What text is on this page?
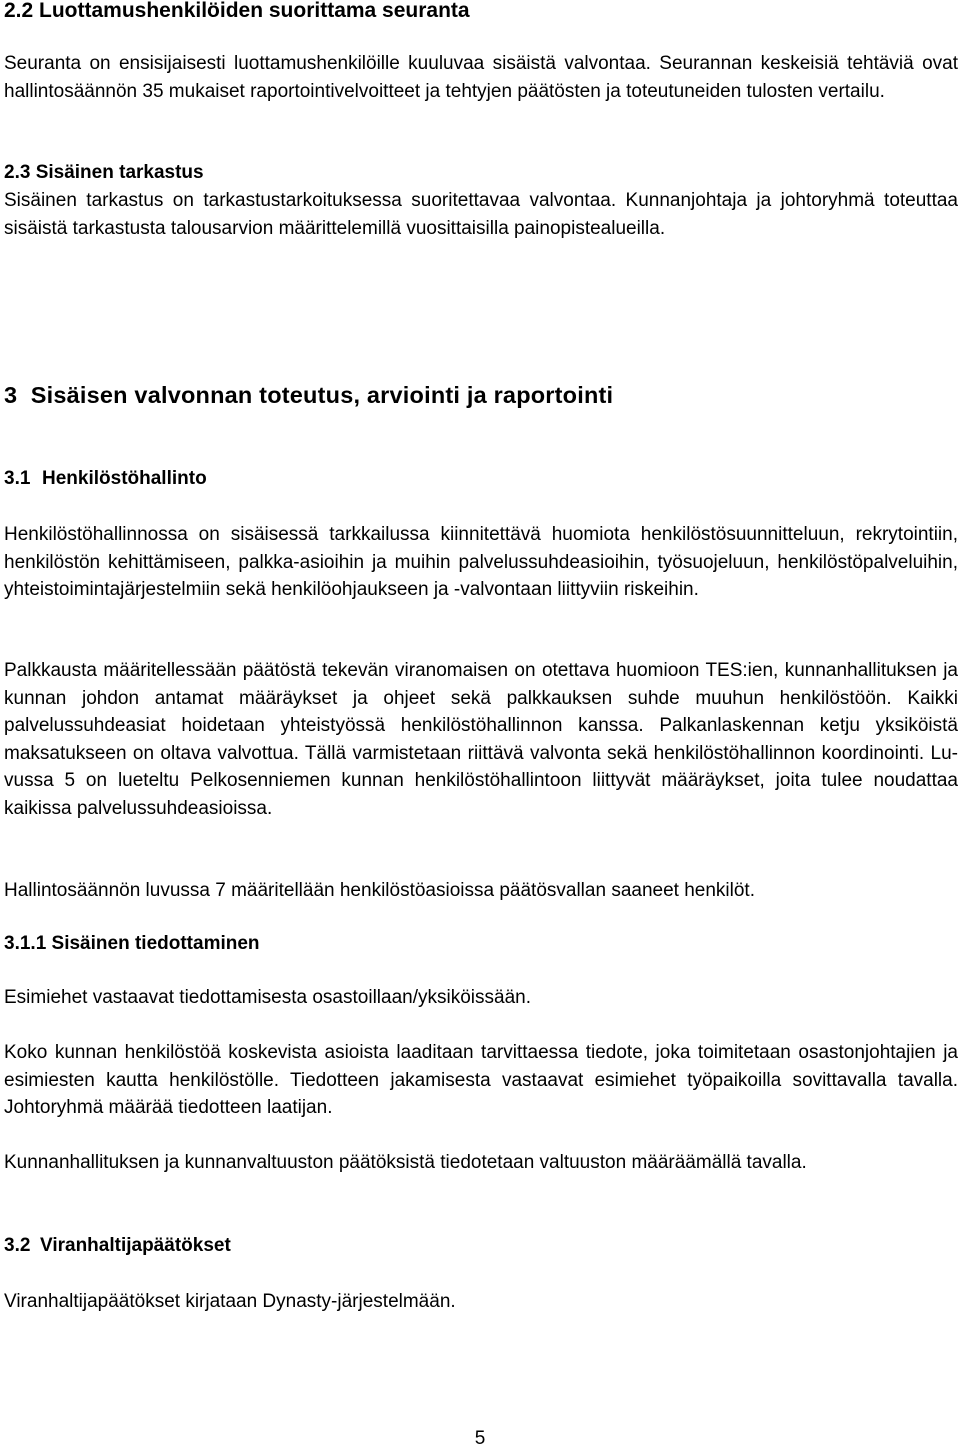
2.2 Luottamushenkilöiden suorittama seuranta

Seuranta on ensisijaisesti luottamushenkilöille kuuluvaa sisäistä valvontaa. Seurannan keskeisiä tehtäviä ovat hallintosäännön 35 mukaiset raportointivelvoitteet ja tehtyjen päätösten ja toteutuneiden tulosten vertailu.

2.3 Sisäinen tarkastus

Sisäinen tarkastus on tarkastustarkoituksessa suoritettavaa valvontaa. Kunnanjohtaja ja johtoryhmä toteuttaa sisäistä tarkastusta talousarvion määrittelemillä vuosittaisilla painopistealueilla.

3  Sisäisen valvonnan toteutus, arviointi ja raportointi
3.1 Henkilöstöhallinto

Henkilöstöhallinnossa on sisäisessä tarkkailussa kiinnitettävä huomiota henkilöstösuunnitteluun, rekrytointiin, henkilöstön kehittämiseen, palkka-asioihin ja muihin palvelussuhdeasioihin, työsuojeluun, henkilöstöpalveluihin, yhteistoimintajärjestelmiin sekä henkilöohjaukseen ja -valvontaan liittyviin riskeihin.

Palkkausta määritellessään päätöstä tekevän viranomaisen on otettava huomioon TES:ien, kunnanhallituksen ja kunnan johdon antamat määräykset ja ohjeet sekä palkkauksen suhde muuhun henkilöstöön. Kaikki palvelussuhdeasiat hoidetaan yhteistyössä henkilöstöhallinnon kanssa. Palkanlaskennan ketju yksiköistä maksatukseen on oltava valvottua. Tällä varmistetaan riittävä valvonta sekä henkilöstöhallinnon koordinointi. Luvussa 5 on lueteltu Pelkosenniemen kunnan henkilöstöhallintoon liittyvät määräykset, joita tulee noudattaa kaikissa palvelussuhdeasioissa.

Hallintosäännön luvussa 7 määritellään henkilöstöasioissa päätösvallan saaneet henkilöt.

3.1.1 Sisäinen tiedottaminen

Esimiehet vastaavat tiedottamisesta osastoillaan/yksiköissään.

Koko kunnan henkilöstöä koskevista asioista laaditaan tarvittaessa tiedote, joka toimitetaan osastonjohtajien ja esimiesten kautta henkilöstölle. Tiedotteen jakamisesta vastaavat esimiehet työpaikoilla sovittavalla tavalla. Johtoryhmä määrää tiedotteen laatijan.

Kunnanhallituksen ja kunnanvaltuuston päätöksistä tiedotetaan valtuuston määräämällä tavalla.

3.2 Viranhaltijapäätökset

Viranhaltijapäätökset kirjataan Dynasty-järjestelmään.

5
